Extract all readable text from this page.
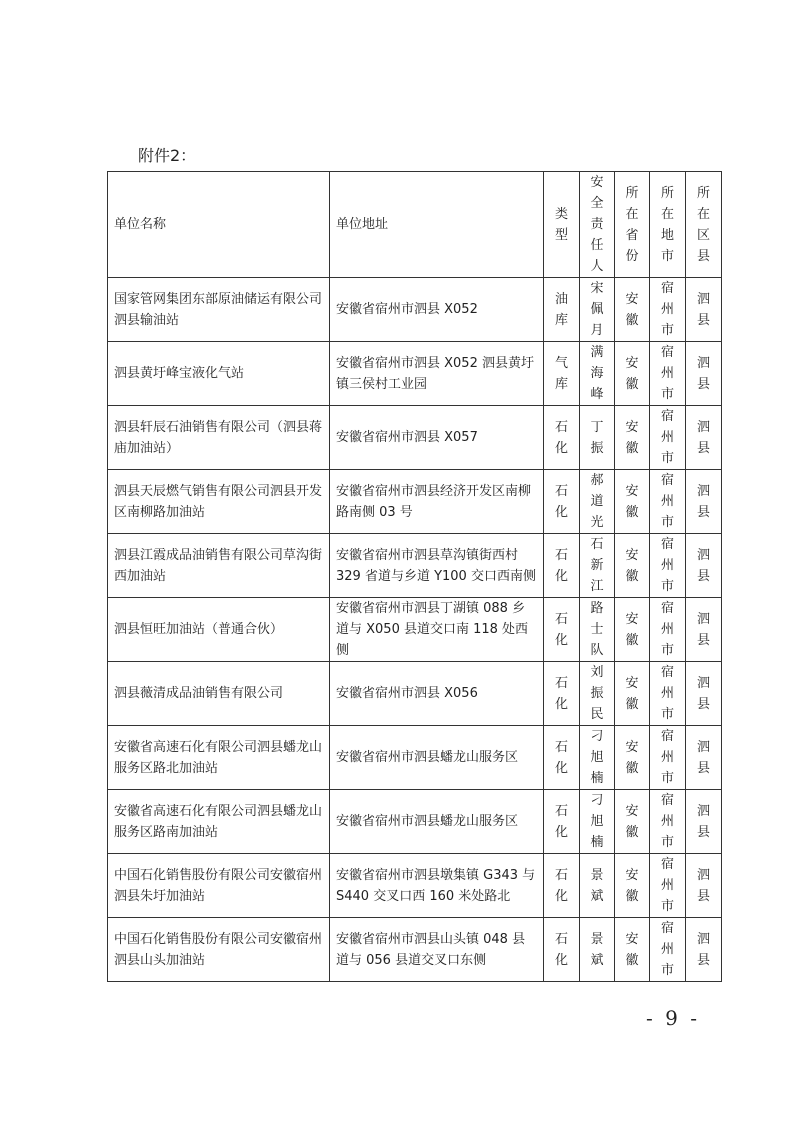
附件2：
单位名称	单位地址	类型	安全责任人	所在省份	所在地市	所在区县

国家管网集团东部原油储运有限公司泗县输油站	安徽省宿州市泗县 X052	油库	宋佩月	安徽	宿州市	泗县

泗县黄圩峰宝液化气站	安徽省宿州市泗县 X052 泗县黄圩镇三侯村工业园	气库	满海峰	安徽	宿州市	泗县

泗县轩辰石油销售有限公司（泗县蒋庙加油站）	安徽省宿州市泗县 X057	石化	丁振	安徽	宿州市	泗县

泗县天辰燃气销售有限公司泗县开发区南柳路加油站	安徽省宿州市泗县经济开发区南柳路南侧 03 号	石化	郝道光	安徽	宿州市	泗县

泗县江霞成品油销售有限公司草沟街西加油站	安徽省宿州市泗县草沟镇街西村 329 省道与乡道 Y100 交口西南侧	石化	石新江	安徽	宿州市	泗县

泗县恒旺加油站（普通合伙）	安徽省宿州市泗县丁湖镇 088 乡道与 X050 县道交口南 118 处西侧	石化	路士队	安徽	宿州市	泗县

泗县薇清成品油销售有限公司	安徽省宿州市泗县 X056	石化	刘振民	安徽	宿州市	泗县

安徽省高速石化有限公司泗县蟠龙山服务区路北加油站	安徽省宿州市泗县蟠龙山服务区	石化	刁旭楠	安徽	宿州市	泗县

安徽省高速石化有限公司泗县蟠龙山服务区路南加油站	安徽省宿州市泗县蟠龙山服务区	石化	刁旭楠	安徽	宿州市	泗县

中国石化销售股份有限公司安徽宿州泗县朱圩加油站	安徽省宿州市泗县墩集镇 G343 与 S440 交叉口西 160 米处路北	石化	景斌	安徽	宿州市	泗县

中国石化销售股份有限公司安徽宿州泗县山头加油站	安徽省宿州市泗县山头镇 048 县道与 056 县道交叉口东侧	石化	景斌	安徽	宿州市	泗县
- 9 -
